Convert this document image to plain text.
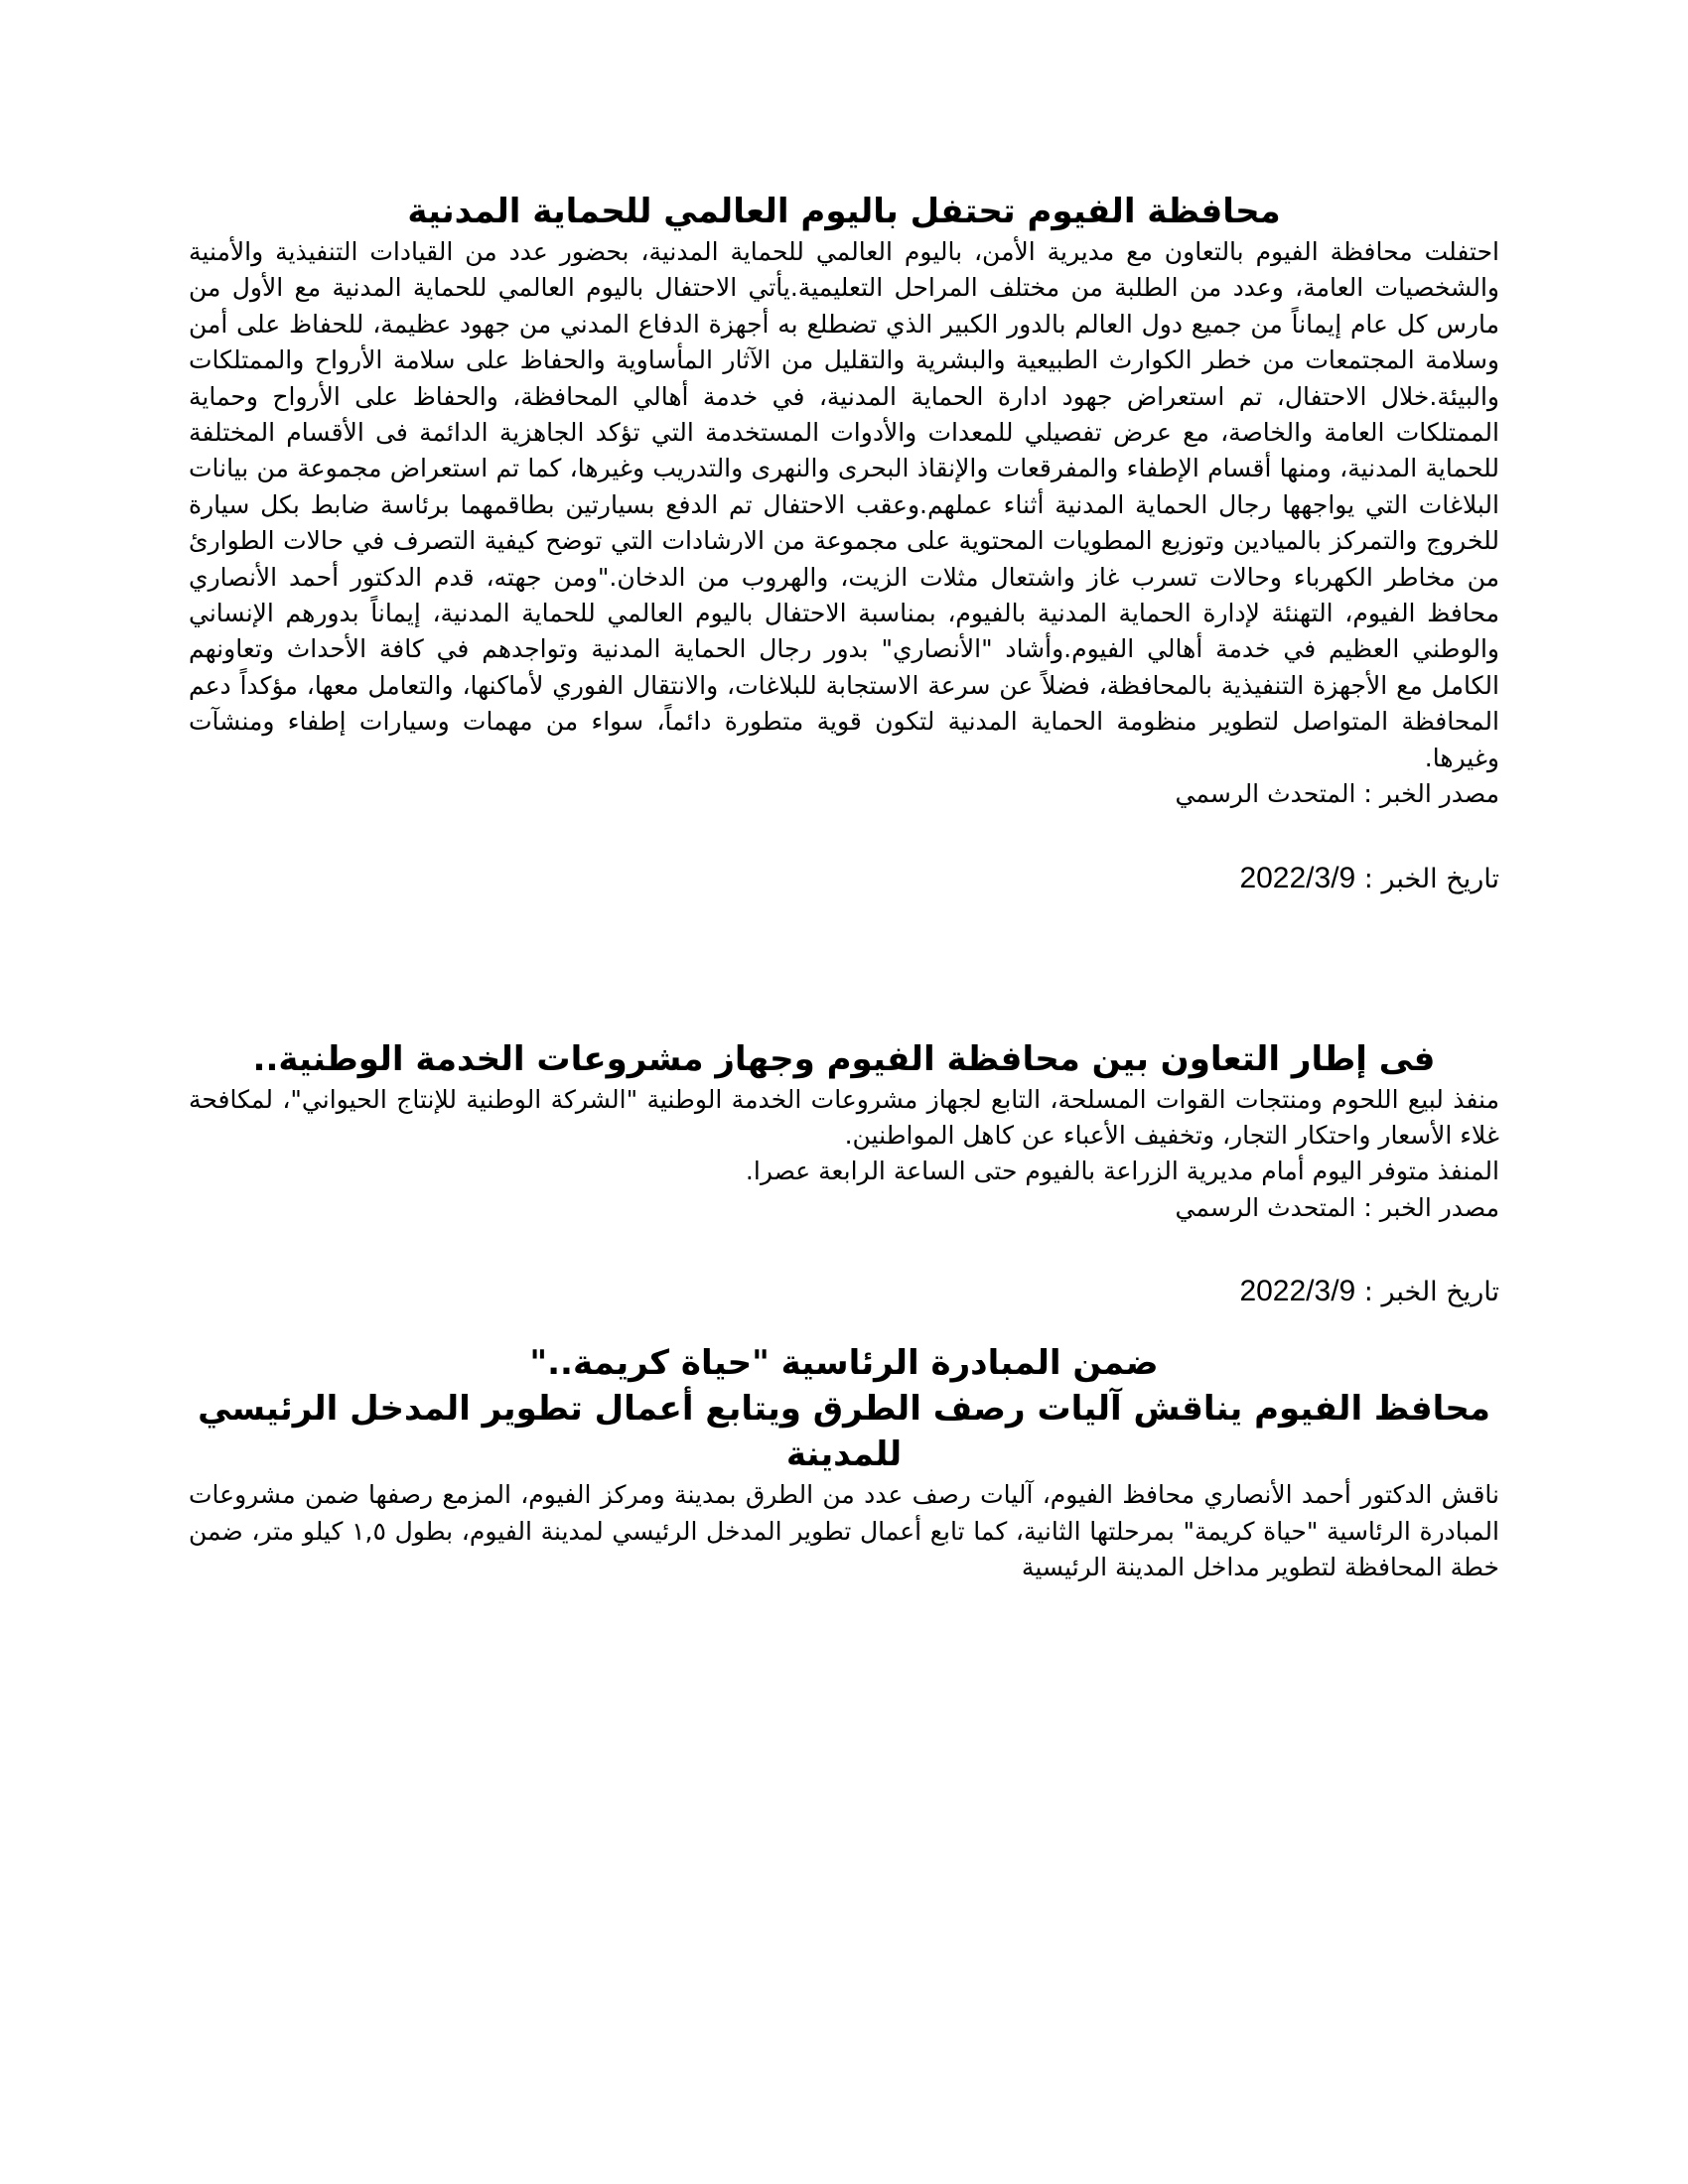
محافظة الفيوم تحتفل باليوم العالمي للحماية المدنية

احتفلت محافظة الفيوم بالتعاون مع مديرية الأمن، باليوم العالمي للحماية المدنية، بحضور عدد من القيادات التنفيذية والأمنية والشخصيات العامة، وعدد من الطلبة من مختلف المراحل التعليمية.يأتي الاحتفال باليوم العالمي للحماية المدنية مع الأول من مارس كل عام إيماناً من جميع دول العالم بالدور الكبير الذي تضطلع به أجهزة الدفاع المدني من جهود عظيمة، للحفاظ على أمن وسلامة المجتمعات من خطر الكوارث الطبيعية والبشرية والتقليل من الآثار المأساوية والحفاظ على سلامة الأرواح والممتلكات والبيئة.خلال الاحتفال، تم استعراض جهود ادارة الحماية المدنية، في خدمة أهالي المحافظة، والحفاظ على الأرواح وحماية الممتلكات العامة والخاصة، مع عرض تفصيلي للمعدات والأدوات المستخدمة التي تؤكد الجاهزية الدائمة فى الأقسام المختلفة للحماية المدنية، ومنها أقسام الإطفاء والمفرقعات والإنقاذ البحرى والنهرى والتدريب وغيرها، كما تم استعراض مجموعة من بيانات البلاغات التي يواجهها رجال الحماية المدنية أثناء عملهم.وعقب الاحتفال تم الدفع بسيارتين بطاقمهما برئاسة ضابط بكل سيارة للخروج والتمركز بالميادين وتوزيع المطويات المحتوية على مجموعة من الارشادات التي توضح كيفية التصرف في حالات الطوارئ من مخاطر الكهرباء وحالات تسرب غاز واشتعال مثلات الزيت، والهروب من الدخان."ومن جهته، قدم الدكتور أحمد الأنصاري محافظ الفيوم، التهنئة لإدارة الحماية المدنية بالفيوم، بمناسبة الاحتفال باليوم العالمي للحماية المدنية، إيماناً بدورهم الإنساني والوطني العظيم في خدمة أهالي الفيوم.وأشاد "الأنصاري" بدور رجال الحماية المدنية وتواجدهم في كافة الأحداث وتعاونهم الكامل مع الأجهزة التنفيذية بالمحافظة، فضلاً عن سرعة الاستجابة للبلاغات، والانتقال الفوري لأماكنها، والتعامل معها، مؤكداً دعم المحافظة المتواصل لتطوير منظومة الحماية المدنية لتكون قوية متطورة دائماً، سواء من مهمات وسيارات إطفاء ومنشآت وغيرها.

مصدر الخبر : المتحدث الرسمي

تاريخ الخبر : 2022/3/9

فى إطار التعاون بين محافظة الفيوم وجهاز مشروعات الخدمة الوطنية..

منفذ لبيع اللحوم ومنتجات القوات المسلحة، التابع لجهاز مشروعات الخدمة الوطنية "الشركة الوطنية للإنتاج الحيواني"، لمكافحة غلاء الأسعار واحتكار التجار، وتخفيف الأعباء عن كاهل المواطنين.

المنفذ متوفر اليوم أمام مديرية الزراعة بالفيوم حتى الساعة الرابعة عصرا.

مصدر الخبر : المتحدث الرسمي

تاريخ الخبر : 2022/3/9

ضمن المبادرة الرئاسية "حياة كريمة.."
محافظ الفيوم يناقش آليات رصف الطرق ويتابع أعمال تطوير المدخل الرئيسي للمدينة

ناقش الدكتور أحمد الأنصاري محافظ الفيوم، آليات رصف عدد من الطرق بمدينة ومركز الفيوم، المزمع رصفها ضمن مشروعات المبادرة الرئاسية "حياة كريمة" بمرحلتها الثانية، كما تابع أعمال تطوير المدخل الرئيسي لمدينة الفيوم، بطول ١,٥ كيلو متر، ضمن خطة المحافظة لتطوير مداخل المدينة الرئيسية
